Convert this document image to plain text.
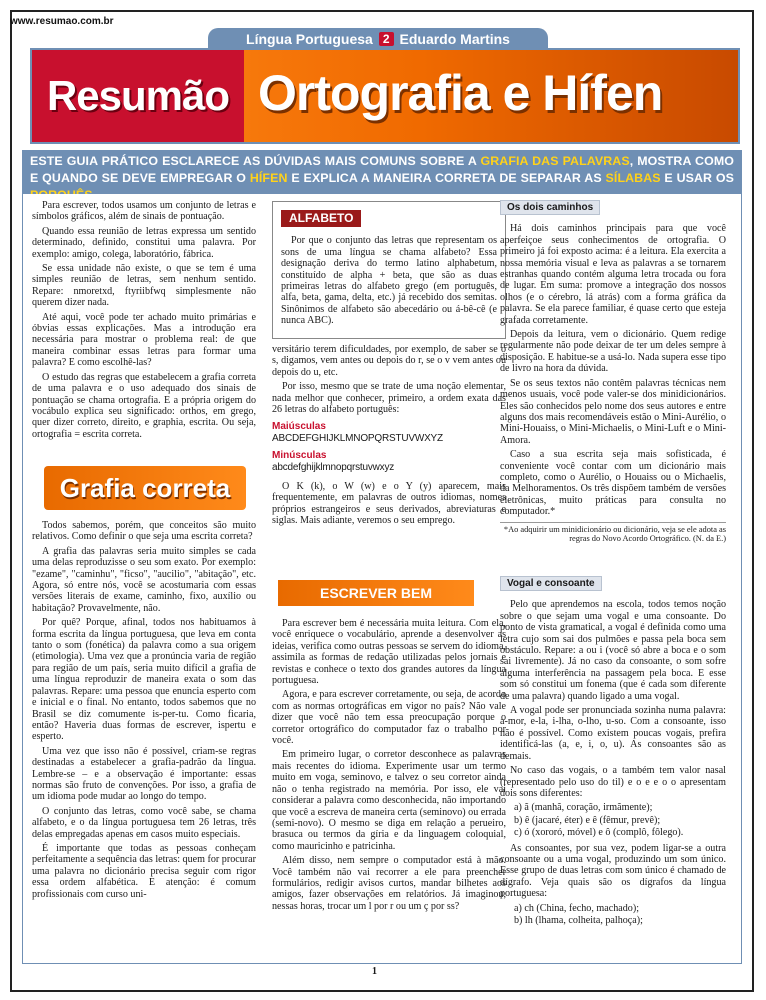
www.resumao.com.br
Língua Portuguesa 2 Eduardo Martins
Resumão Ortografia e Hífen
ESTE GUIA PRÁTICO ESCLARECE AS DÚVIDAS MAIS COMUNS SOBRE A GRAFIA DAS PALAVRAS, MOSTRA COMO E QUANDO SE DEVE EMPREGAR O HÍFEN E EXPLICA A MANEIRA CORRETA DE SEPARAR AS SÍLABAS E USAR OS

Para escrever, todos usamos um conjunto de letras e símbolos gráficos, além de sinais de pontuação.

Quando essa reunião de letras expressa um sentido determinado, definido, constitui uma palavra. Por exemplo: amigo, colega, laboratório, fábrica.

Se essa unidade não existe, o que se tem é uma simples reunião de letras, sem nenhum sentido. Repare: nmoretxd, ftyriibfwq simplesmente não querem dizer nada.

Até aqui, você pode ter achado muito primárias e óbvias essas explicações. Mas a introdução era necessária para mostrar o problema real: de que maneira combinar essas letras para formar uma palavra? E como escolhê-las?

O estudo das regras que estabelecem a grafia correta de uma palavra e o uso adequado dos sinais de pontuação se chama ortografia. E a própria origem do vocábulo explica seu significado: orthos, em grego, quer dizer correto, direito, e graphia, escrita. Ou seja, ortografia = escrita correta.

Grafia correta

Todos sabemos, porém, que conceitos são muito relativos. Como definir o que seja uma escrita correta?

A grafia das palavras seria muito simples se cada uma delas reproduzisse o seu som exato. Por exemplo: "ezame", "caminhu", "ficso", "aucilio", "abitação", etc. Agora, só entre nós, você se acostumaria com essas versões literais de exame, caminho, fixo, auxílio ou habitação? Provavelmente, não.

Por quê? Porque, afinal, todos nos habituamos à forma escrita da língua portuguesa, que leva em conta tanto o som (fonética) da palavra como a sua origem (etimologia). Uma vez que a pronúncia varia de região para região de um país, seria muito difícil a grafia de uma língua reproduzir de maneira exata o som das palavras. Repare: uma pessoa que enuncia esperto com e inicial e o final. No entanto, todos sabemos que no Brasil se diz comumente is-per-tu. Como ficaria, então? Haveria duas formas de escrever, ispertu e esperto.

Uma vez que isso não é possível, criam-se regras destinadas a estabelecer a grafia-padrão da língua. Lembre-se – e a observação é importante: essas normas são fruto de convenções. Por isso, a grafia de um idioma pode mudar ao longo do tempo.

O conjunto das letras, como você sabe, se chama alfabeto, e o da língua portuguesa tem 26 letras, três delas empregadas apenas em casos muito especiais.

É importante que todas as pessoas conheçam perfeitamente a sequência das letras: quem for procurar uma palavra no dicionário precisa seguir com rigor essa ordem alfabética. E atenção: é comum profissionais com curso uni-

ALFABETO

Por que o conjunto das letras que representam os sons de uma língua se chama alfabeto? Essa designação deriva do termo latino alphabetum, constituído de alpha + beta, que são as duas primeiras letras do alfabeto grego (em português, alfa, beta, gama, delta, etc.) já recebido dos semitas. Sinônimos de alfabeto são abecedário ou á-bê-cê (e nunca ABC).

versitário terem dificuldades, por exemplo, de saber se o s, digamos, vem antes ou depois do r, se o v vem antes ou depois do u, etc.

Por isso, mesmo que se trate de uma noção elementar, nada melhor que conhecer, primeiro, a ordem exata das 26 letras do alfabeto português:

Maiúsculas
ABCDEFGHIJKLMNOPQRSTUVWXYZ
Minúsculas
abcdefghijklmnopqrstuvwxyz

O K (k), o W (w) e o Y (y) aparecem, mais frequentemente, em palavras de outros idiomas, nomes próprios estrangeiros e seus derivados, abreviaturas e siglas. Mais adiante, veremos o seu emprego.

ESCREVER BEM

Para escrever bem é necessária muita leitura. Com ela, você enriquece o vocabulário, aprende a desenvolver as ideias, verifica como outras pessoas se servem do idioma, assimila as formas de redação utilizadas pelos jornais e revistas e conhece o texto dos grandes autores da língua portuguesa.

Agora, e para escrever corretamente, ou seja, de acordo com as normas ortográficas em vigor no país? Não vale dizer que você não tem essa preocupação porque o corretor ortográfico do computador faz o trabalho por você.

Em primeiro lugar, o corretor desconhece as palavras mais recentes do idioma. Experimente usar um termo muito em voga, seminovo, e talvez o seu corretor ainda não o tenha registrado na memória. Por isso, ele vai considerar a palavra como desconhecida, não importando que você a escreva de maneira certa (seminovo) ou errada (semi-novo). O mesmo se diga em relação a perueiro, brasuca ou termos da gíria e da linguagem coloquial, como mauricinho e patricinha.

Além disso, nem sempre o computador está à mão. Você também não vai recorrer a ele para preencher formulários, redigir avisos curtos, mandar bilhetes aos amigos, fazer observações em relatórios. Já imaginou, nessas horas, trocar um l por r ou um ç por ss?

Os dois caminhos

Há dois caminhos principais para que você aperfeiçoe seus conhecimentos de ortografia. O primeiro já foi exposto acima: é a leitura. Ela exercita a nossa memória visual e leva as palavras a se tornarem estranhas quando contém alguma letra trocada ou fora de lugar. Em suma: promove a integração dos nossos olhos (e o cérebro, lá atrás) com a forma gráfica da palavra. Se ela parece familiar, é quase certo que esteja grafada corretamente.

Depois da leitura, vem o dicionário. Quem redige regularmente não pode deixar de ter um deles sempre à disposição. E habitue-se a usá-lo. Nada supera esse tipo de livro na hora da dúvida.

Se os seus textos não contêm palavras técnicas nem menos usuais, você pode valer-se dos minidicionários. Eles são conhecidos pelo nome dos seus autores e entre alguns dos mais recomendáveis estão o Mini-Aurélio, o Mini-Houaiss, o Mini-Michaelis, o Mini-Luft e o Mini-Amora.

Caso a sua escrita seja mais sofisticada, é conveniente você contar com um dicionário mais completo, como o Aurélio, o Houaiss ou o Michaelis, da Melhoramentos. Os três dispõem também de versões eletrônicas, muito práticas para consulta no computador.*

*Ao adquirir um minidicionário ou dicionário, veja se ele adota as regras do Novo Acordo Ortográfico. (N. da E.)
Vogal e consoante

Pelo que aprendemos na escola, todos temos noção sobre o que sejam uma vogal e uma consoante. Do ponto de vista gramatical, a vogal é definida como uma letra cujo som sai dos pulmões e passa pela boca sem obstáculo. Repare: a ou i (você só abre a boca e o som sai livremente). Já no caso da consoante, o som sofre alguma interferência na passagem pela boca. E esse som só constitui um fonema (que é cada som diferente de uma palavra) quando ligado a uma vogal.

A vogal pode ser pronunciada sozinha numa palavra: a-mor, e-la, i-lha, o-lho, u-so. Com a consoante, isso não é possível. Como existem poucas vogais, prefira identificá-las (a, e, i, o, u). As consoantes são as demais.

No caso das vogais, o a também tem valor nasal (representado pelo uso do til) e o e e o o apresentam dois sons diferentes:

a) ã (manhã, coração, irmãmente);
b) ê (jacaré, éter) e ê (fêmur, prevê);
c) ó (xororó, móvel) e ô (complô, fôlego).

As consoantes, por sua vez, podem ligar-se a outra consoante ou a uma vogal, produzindo um som único. Esse grupo de duas letras com som único é chamado de dígrafo. Veja quais são os dígrafos da língua portuguesa:

a) ch (China, fecho, machado);
b) lh (lhama, colheita, palhoça);
1
